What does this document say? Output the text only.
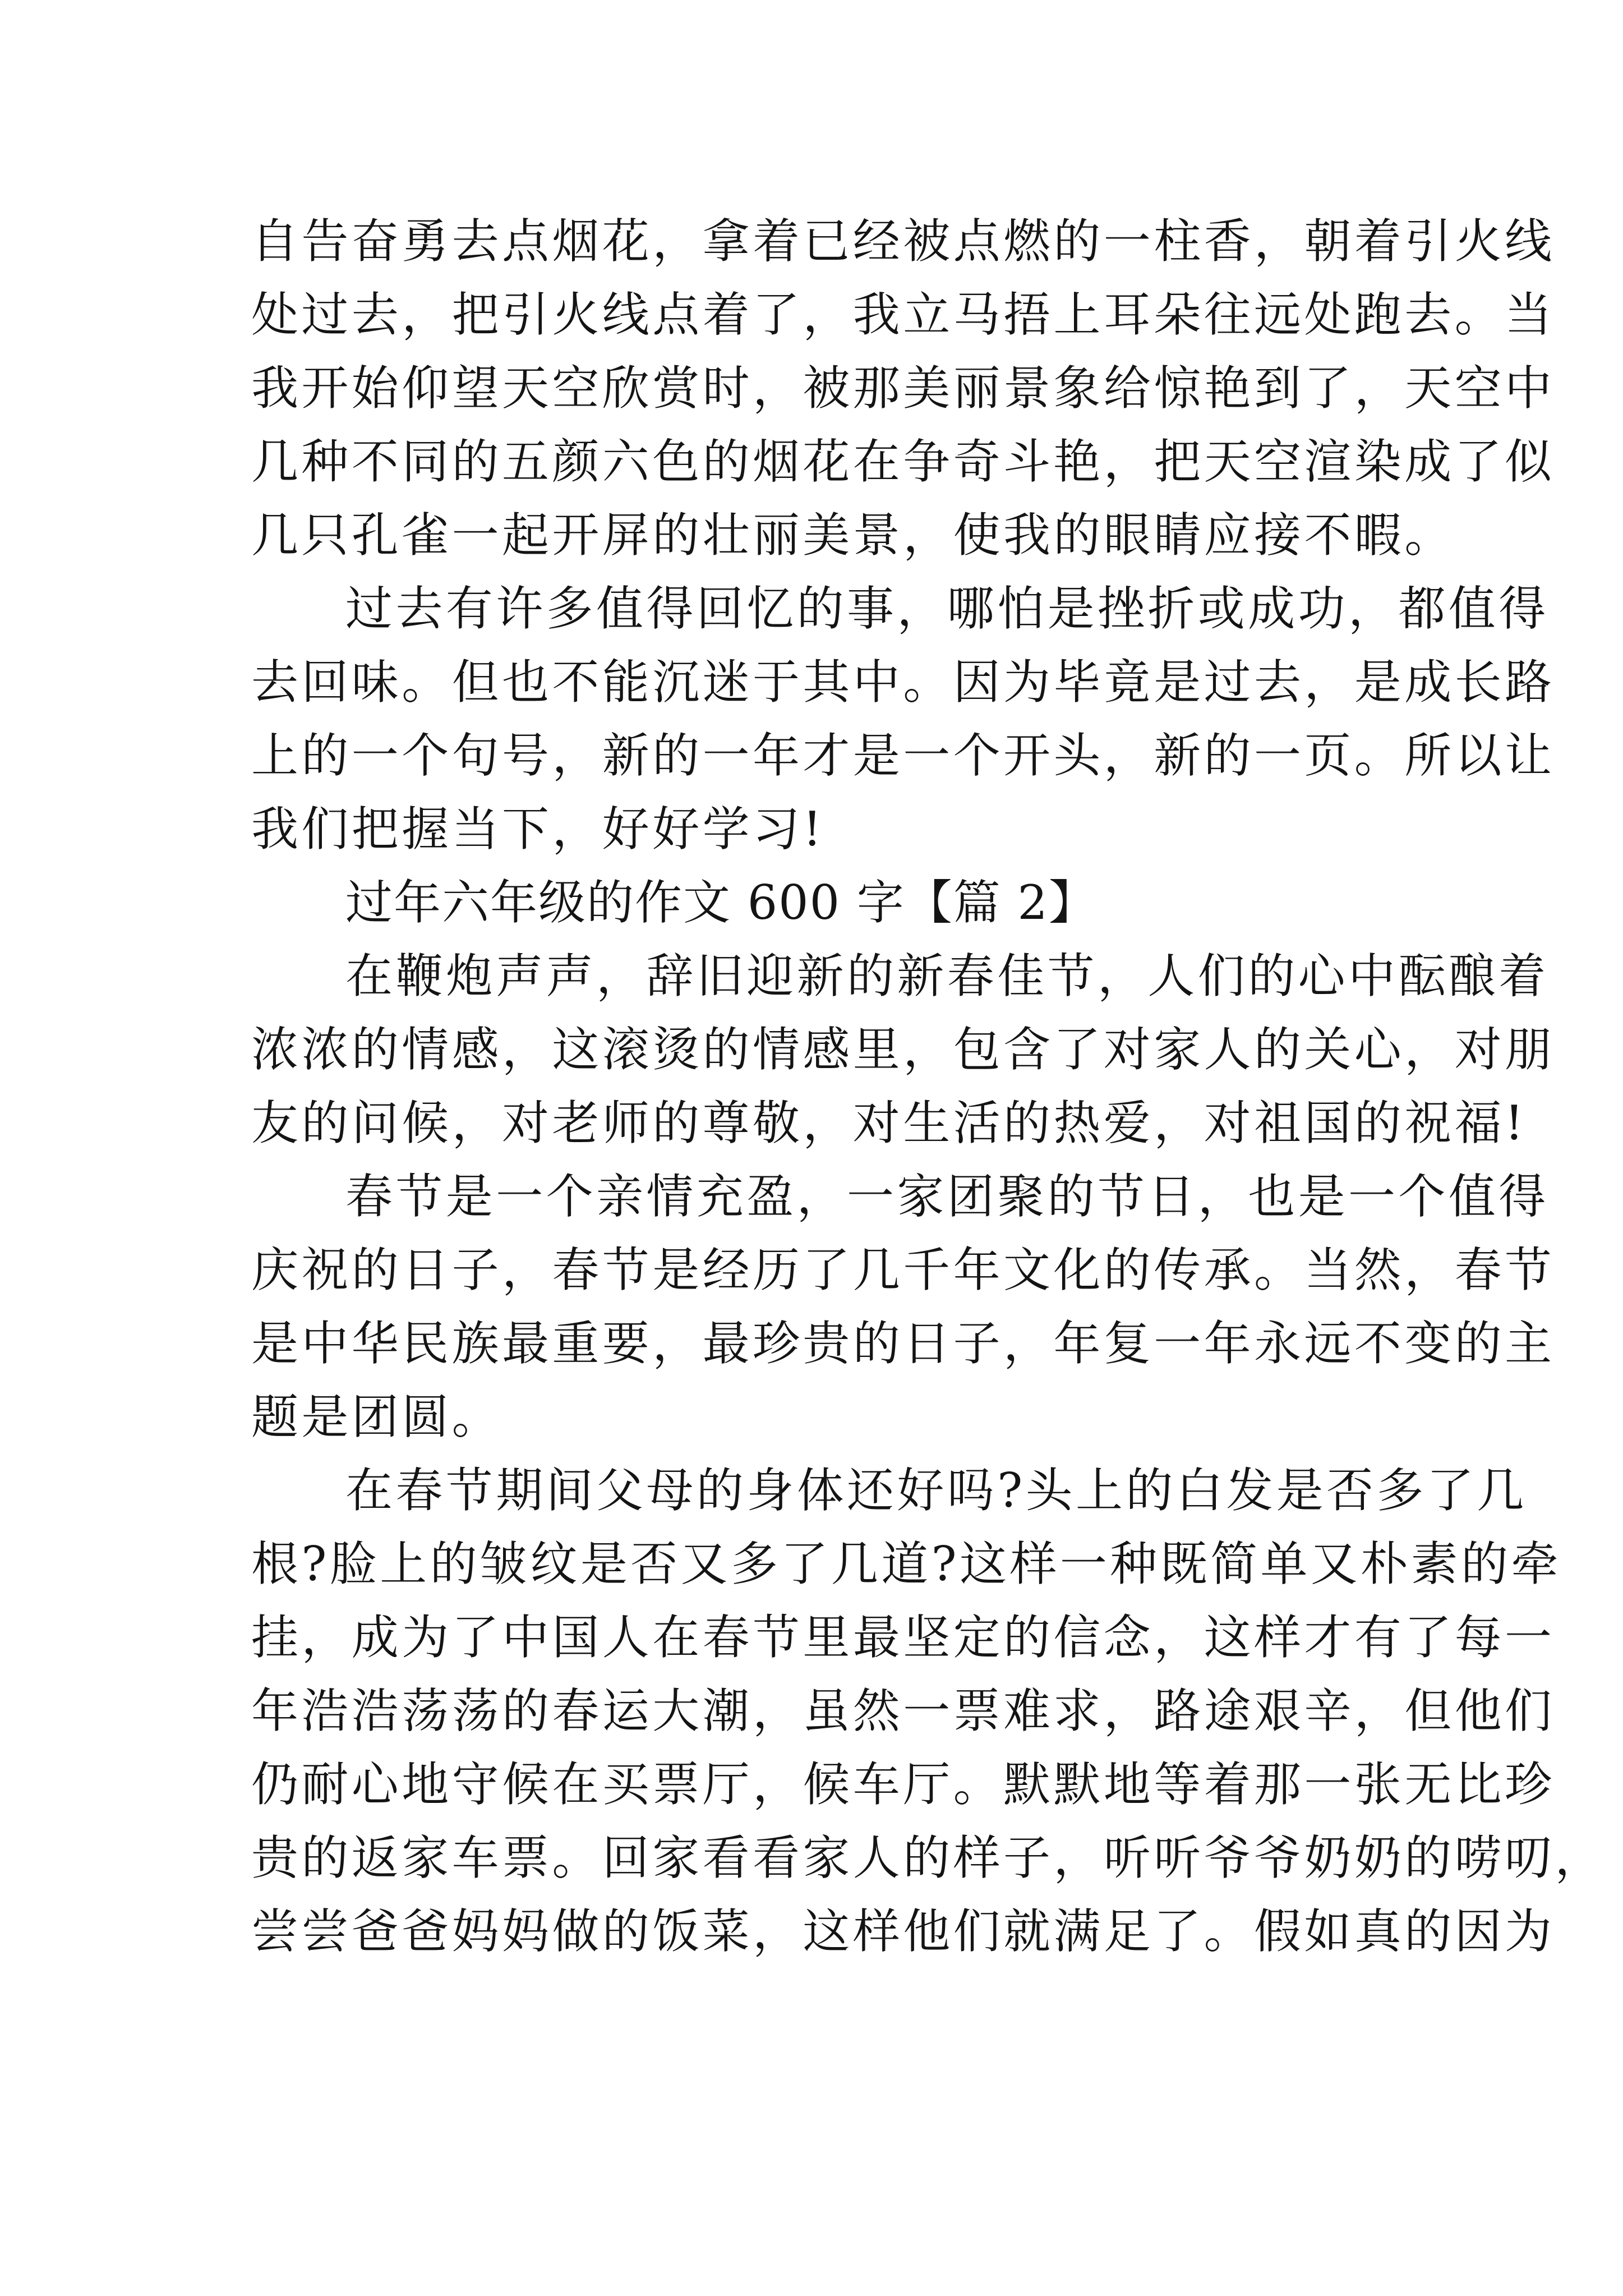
自告奋勇去点烟花，拿着已经被点燃的一柱香，朝着引火线
处过去，把引火线点着了，我立马捂上耳朵往远处跑去。当
我开始仰望天空欣赏时，被那美丽景象给惊艳到了，天空中
几种不同的五颜六色的烟花在争奇斗艳，把天空渲染成了似
几只孔雀一起开屏的壮丽美景，使我的眼睛应接不暇。
过去有许多值得回忆的事，哪怕是挫折或成功，都值得
去回味。但也不能沉迷于其中。因为毕竟是过去，是成长路
上的一个句号，新的一年才是一个开头，新的一页。所以让
我们把握当下，好好学习!
过年六年级的作文 600 字【篇 2】
在鞭炮声声，辞旧迎新的新春佳节，人们的心中酝酿着
浓浓的情感，这滚烫的情感里，包含了对家人的关心，对朋
友的问候，对老师的尊敬，对生活的热爱，对祖国的祝福!
春节是一个亲情充盈，一家团聚的节日，也是一个值得
庆祝的日子，春节是经历了几千年文化的传承。当然，春节
是中华民族最重要，最珍贵的日子，年复一年永远不变的主
题是团圆。
在春节期间父母的身体还好吗?头上的白发是否多了几
根?脸上的皱纹是否又多了几道?这样一种既简单又朴素的牵
挂，成为了中国人在春节里最坚定的信念，这样才有了每一
年浩浩荡荡的春运大潮，虽然一票难求，路途艰辛，但他们
仍耐心地守候在买票厅，候车厅。默默地等着那一张无比珍
贵的返家车票。回家看看家人的样子，听听爷爷奶奶的唠叨，
尝尝爸爸妈妈做的饭菜，这样他们就满足了。假如真的因为
